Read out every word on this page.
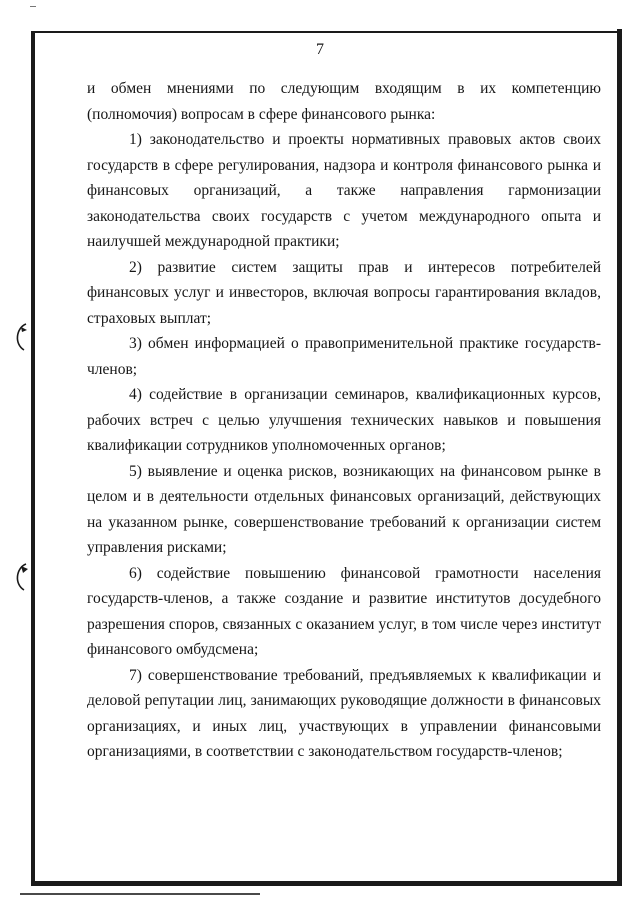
7

и обмен мнениями по следующим входящим в их компетенцию (полномочия) вопросам в сфере финансового рынка:

1) законодательство и проекты нормативных правовых актов своих государств в сфере регулирования, надзора и контроля финансового рынка и финансовых организаций, а также направления гармонизации законодательства своих государств с учетом международного опыта и наилучшей международной практики;

2) развитие систем защиты прав и интересов потребителей финансовых услуг и инвесторов, включая вопросы гарантирования вкладов, страховых выплат;

3) обмен информацией о правоприменительной практике государств-членов;

4) содействие в организации семинаров, квалификационных курсов, рабочих встреч с целью улучшения технических навыков и повышения квалификации сотрудников уполномоченных органов;

5) выявление и оценка рисков, возникающих на финансовом рынке в целом и в деятельности отдельных финансовых организаций, действующих на указанном рынке, совершенствование требований к организации систем управления рисками;

6) содействие повышению финансовой грамотности населения государств-членов, а также создание и развитие институтов досудебного разрешения споров, связанных с оказанием услуг, в том числе через институт финансового омбудсмена;

7) совершенствование требований, предъявляемых к квалификации и деловой репутации лиц, занимающих руководящие должности в финансовых организациях, и иных лиц, участвующих в управлении финансовыми организациями, в соответствии с законодательством государств-членов;
